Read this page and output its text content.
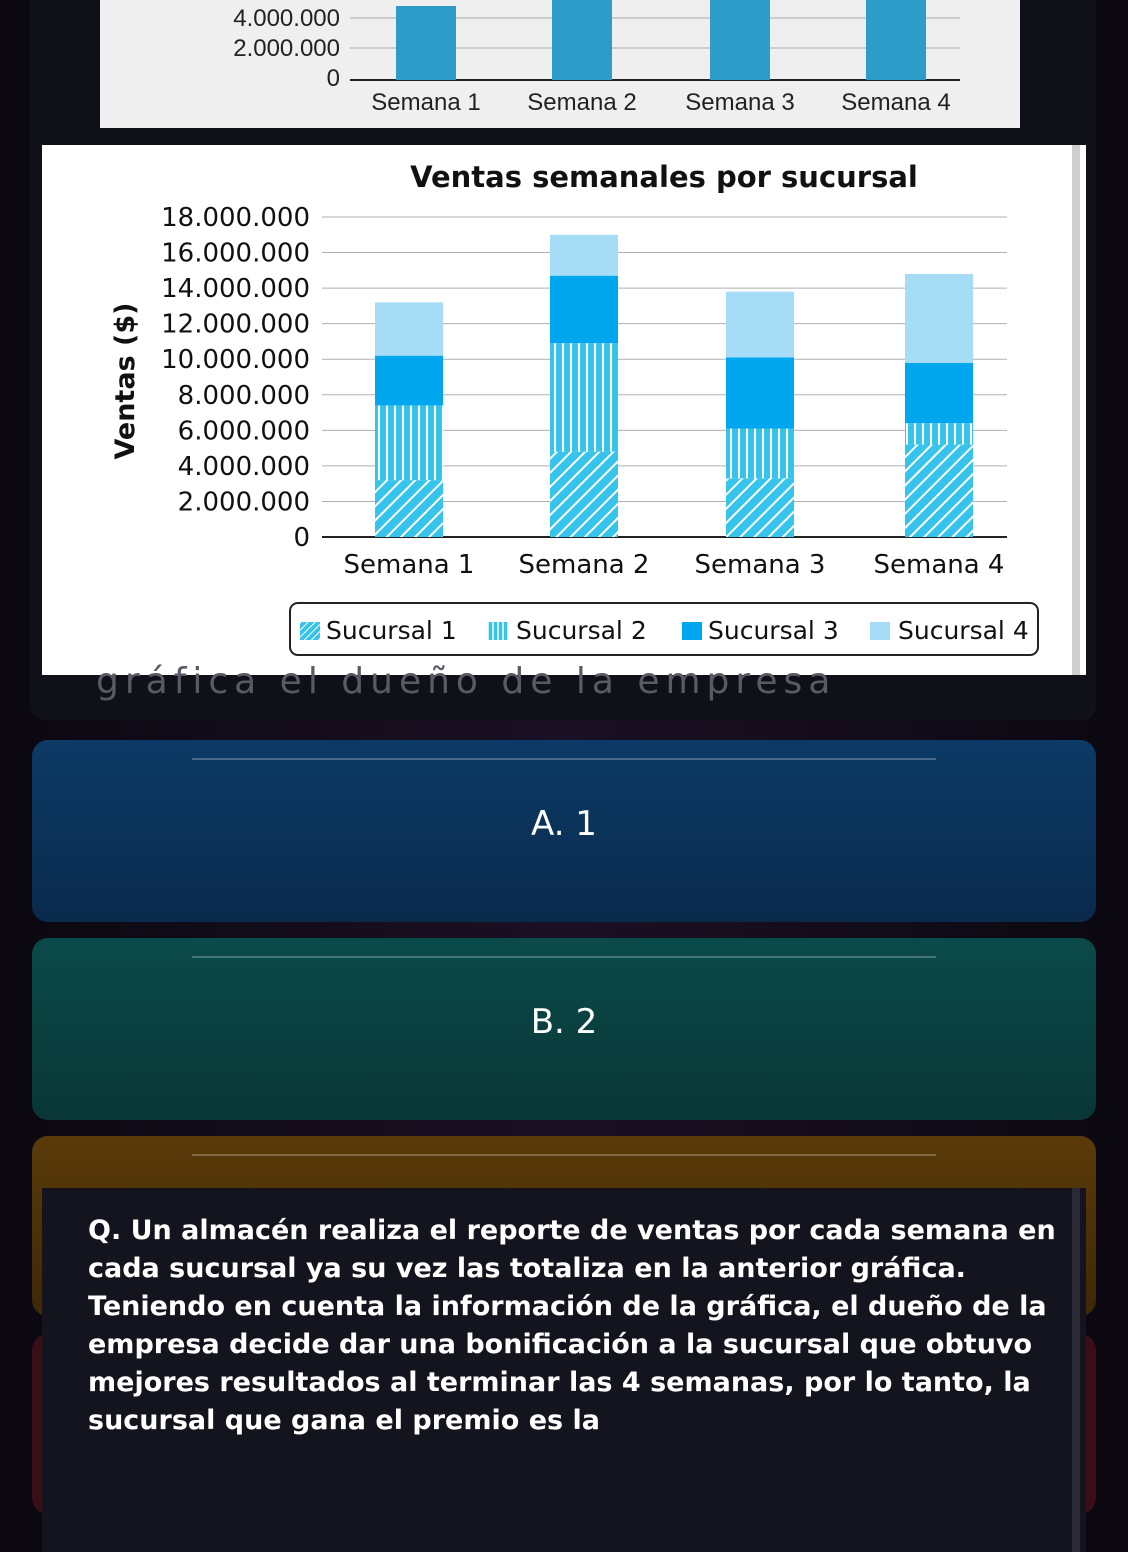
4.000.000
2.000.000
0
Semana 1 Semana 2 Semana 3 Semana 4
0
2.000.000
4.000.000
6.000.000
8.000.000
10.000.000
12.000.000
14.000.000
16.000.000
18.000.000
Semana 1 Semana 2 Semana 3 Semana 4
Ventas semanales por sucursal
Ventas ($)
Sucursal 1 Sucursal 2 Sucursal 3 Sucursal 4
gráfica el dueño de la empresa
A. 1
B. 2

Q. Un almacén realiza el reporte de ventas por cada semana en cada sucursal ya su vez las totaliza en la anterior gráfica. Teniendo en cuenta la información de la gráfica, el dueño de la empresa decide dar una bonificación a la sucursal que obtuvo mejores resultados al terminar las 4 semanas, por lo tanto, la sucursal que gana el premio es la
